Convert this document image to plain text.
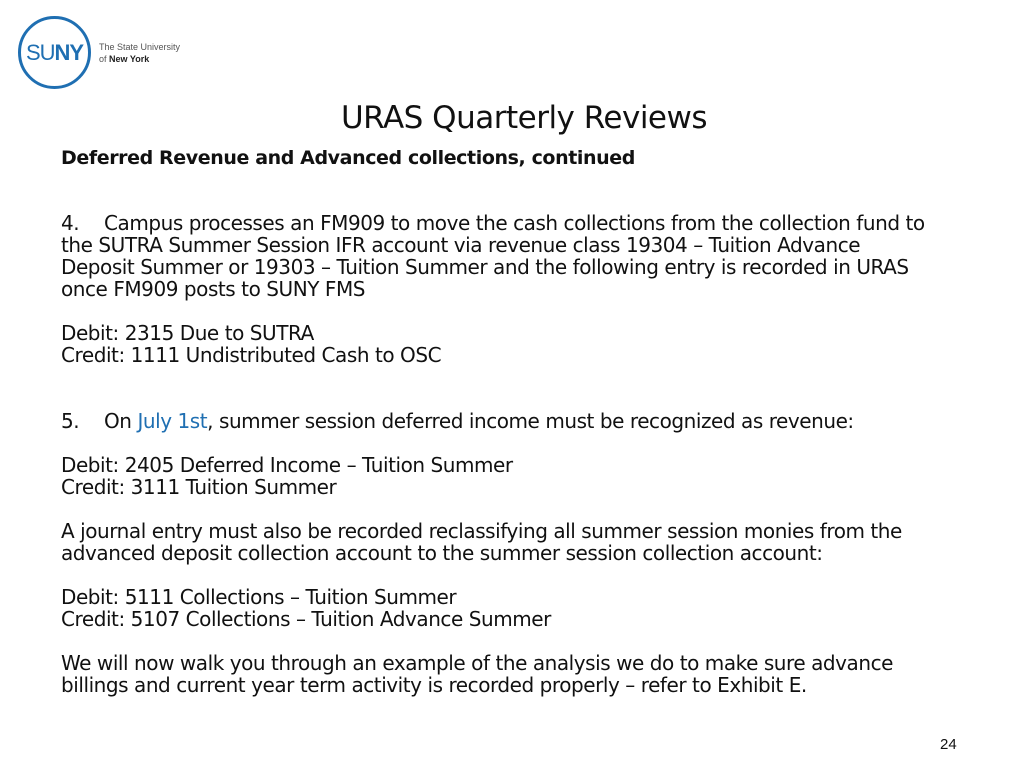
SU NY The State University
of New York
URAS Quarterly Reviews
Deferred Revenue and Advanced collections, continued

4. Campus processes an FM909 to move the cash collections from the collection fund to

the SUTRA Summer Session IFR account via revenue class 19304 – Tuition Advance

Deposit Summer or 19303 – Tuition Summer and the following entry is recorded in URAS

once FM909 posts to SUNY FMS

Debit: 2315 Due to SUTRA

Credit: 1111 Undistributed Cash to OSC

5. On July 1st, summer session deferred income must be recognized as revenue:

Debit: 2405 Deferred Income – Tuition Summer

Credit: 3111 Tuition Summer

A journal entry must also be recorded reclassifying all summer session monies from the

advanced deposit collection account to the summer session collection account:

Debit: 5111 Collections – Tuition Summer

Credit: 5107 Collections – Tuition Advance Summer

We will now walk you through an example of the analysis we do to make sure advance

billings and current year term activity is recorded properly – refer to Exhibit E.

24
